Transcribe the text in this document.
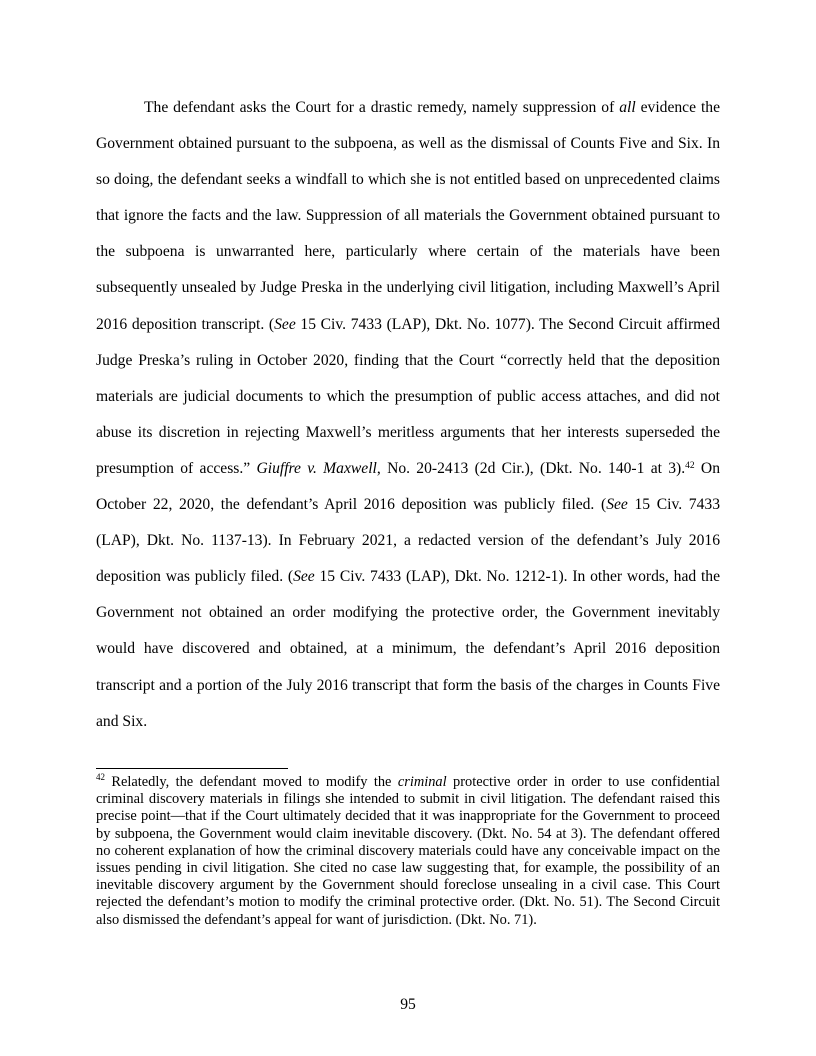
The defendant asks the Court for a drastic remedy, namely suppression of all evidence the Government obtained pursuant to the subpoena, as well as the dismissal of Counts Five and Six. In so doing, the defendant seeks a windfall to which she is not entitled based on unprecedented claims that ignore the facts and the law. Suppression of all materials the Government obtained pursuant to the subpoena is unwarranted here, particularly where certain of the materials have been subsequently unsealed by Judge Preska in the underlying civil litigation, including Maxwell’s April 2016 deposition transcript. (See 15 Civ. 7433 (LAP), Dkt. No. 1077). The Second Circuit affirmed Judge Preska’s ruling in October 2020, finding that the Court “correctly held that the deposition materials are judicial documents to which the presumption of public access attaches, and did not abuse its discretion in rejecting Maxwell’s meritless arguments that her interests superseded the presumption of access.” Giuffre v. Maxwell, No. 20-2413 (2d Cir.), (Dkt. No. 140-1 at 3).$^{42}$ On October 22, 2020, the defendant’s April 2016 deposition was publicly filed. (See 15 Civ. 7433 (LAP), Dkt. No. 1137-13). In February 2021, a redacted version of the defendant’s July 2016 deposition was publicly filed. (See 15 Civ. 7433 (LAP), Dkt. No. 1212-1). In other words, had the Government not obtained an order modifying the protective order, the Government inevitably would have discovered and obtained, at a minimum, the defendant’s April 2016 deposition transcript and a portion of the July 2016 transcript that form the basis of the charges in Counts Five and Six.

$^{42}$ Relatedly, the defendant moved to modify the criminal protective order in order to use confidential criminal discovery materials in filings she intended to submit in civil litigation. The defendant raised this precise point—that if the Court ultimately decided that it was inappropriate for the Government to proceed by subpoena, the Government would claim inevitable discovery. (Dkt. No. 54 at 3). The defendant offered no coherent explanation of how the criminal discovery materials could have any conceivable impact on the issues pending in civil litigation. She cited no case law suggesting that, for example, the possibility of an inevitable discovery argument by the Government should foreclose unsealing in a civil case. This Court rejected the defendant’s motion to modify the criminal protective order. (Dkt. No. 51). The Second Circuit also dismissed the defendant’s appeal for want of jurisdiction. (Dkt. No. 71).

95
